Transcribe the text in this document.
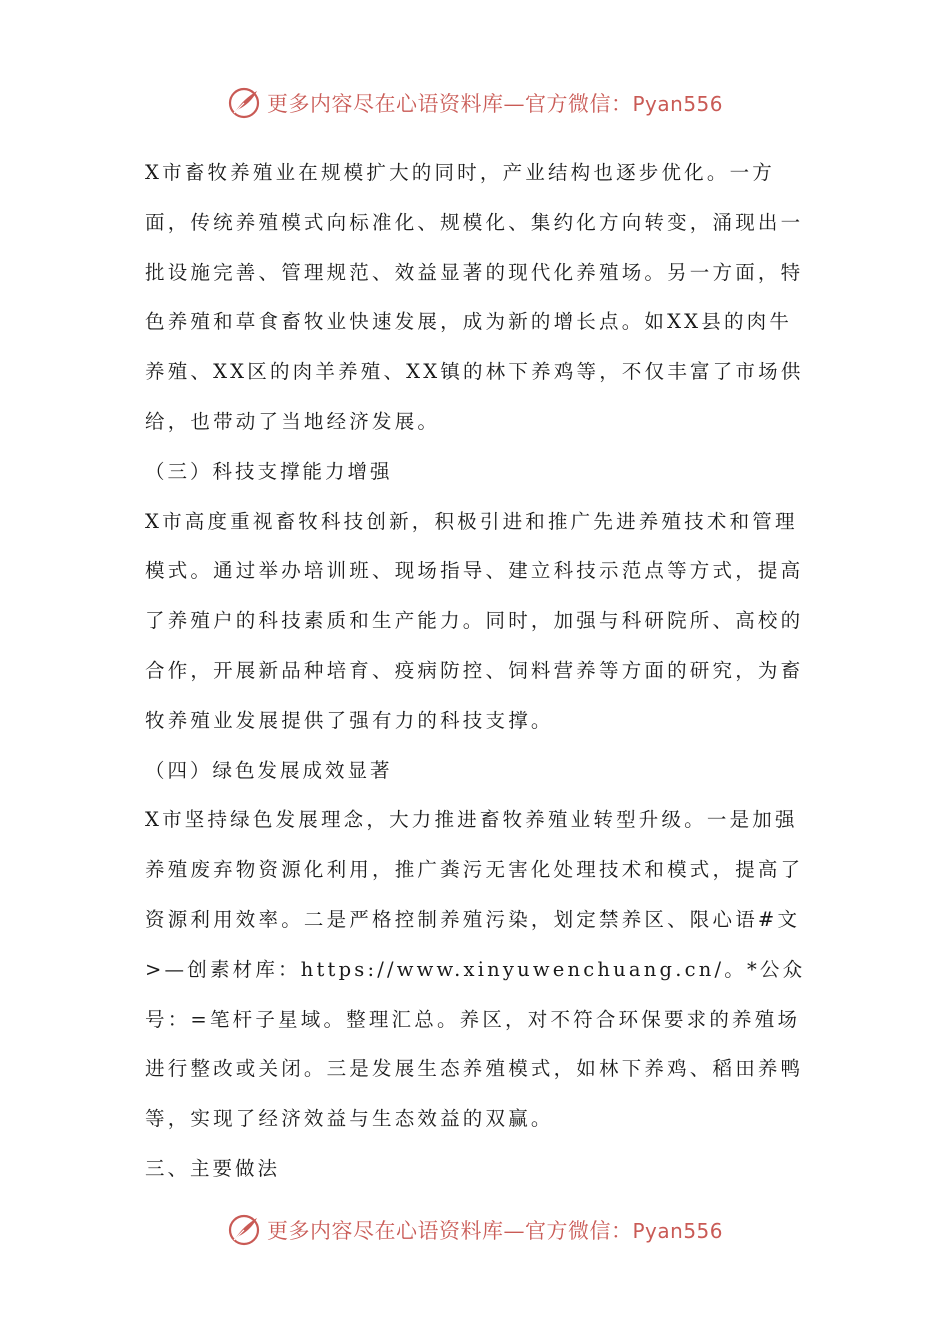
更多内容尽在心语资料库—官方微信：Pyan556

X市畜牧养殖业在规模扩大的同时，产业结构也逐步优化。一方面，传统养殖模式向标准化、规模化、集约化方向转变，涌现出一批设施完善、管理规范、效益显著的现代化养殖场。另一方面，特色养殖和草食畜牧业快速发展，成为新的增长点。如XX县的肉牛养殖、XX区的肉羊养殖、XX镇的林下养鸡等，不仅丰富了市场供给，也带动了当地经济发展。

（三）科技支撑能力增强

X市高度重视畜牧科技创新，积极引进和推广先进养殖技术和管理模式。通过举办培训班、现场指导、建立科技示范点等方式，提高了养殖户的科技素质和生产能力。同时，加强与科研院所、高校的合作，开展新品种培育、疫病防控、饲料营养等方面的研究，为畜牧养殖业发展提供了强有力的科技支撑。

（四）绿色发展成效显著

X市坚持绿色发展理念，大力推进畜牧养殖业转型升级。一是加强养殖废弃物资源化利用，推广粪污无害化处理技术和模式，提高了资源利用效率。二是严格控制养殖污染，划定禁养区、限心语#文>—创素材库：https://www.xinyuwenchuang.cn/。*公众号：=笔杆子星域。整理汇总。养区，对不符合环保要求的养殖场进行整改或关闭。三是发展生态养殖模式，如林下养鸡、稻田养鸭等，实现了经济效益与生态效益的双赢。

三、主要做法

更多内容尽在心语资料库—官方微信：Pyan556
